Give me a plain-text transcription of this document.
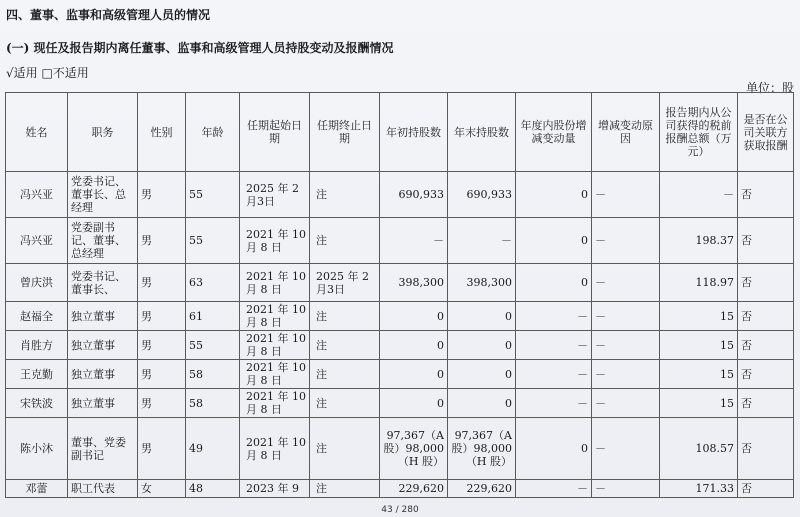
四、董事、监事和高级管理人员的情况
(一) 现任及报告期内离任董事、监事和高级管理人员持股变动及报酬情况
√适用 □不适用
单位：股
姓名	职务	性别	年龄	任期起始日期	任期终止日期	年初持股数	年末持股数	年度内股份增减变动量	增减变动原因	报告期内从公司获得的税前报酬总额（万元）	是否在公司关联方获取报酬
冯兴亚	党委书记、董事长、总经理	男	55	2025 年 2 月3日	注	690,933	690,933	0	－	－	否
冯兴亚	党委副书记、董事、总经理	男	55	2021 年 10 月 8 日	注	－	－	0	－	198.37	否
曾庆洪	党委书记、董事长、	男	63	2021 年 10 月 8 日	2025 年 2 月3日	398,300	398,300	0	－	118.97	否
赵福全	独立董事	男	61	2021 年 10 月 8 日	注	0	0	－	－	15	否
肖胜方	独立董事	男	55	2021 年 10 月 8 日	注	0	0	－	－	15	否
王克勤	独立董事	男	58	2021 年 10 月 8 日	注	0	0	－	－	15	否
宋铁波	独立董事	男	58	2021 年 10 月 8 日	注	0	0	－	－	15	否
陈小沐	董事、党委副书记	男	49	2021 年 10 月 8 日	注	97,367（A 股）98,000（H 股）	97,367（A 股）98,000（H 股）	0	－	108.57	否
邓蕾	职工代表	女	48	2023 年 9	注	229,620	229,620	－	－	171.33	否
43 / 280
